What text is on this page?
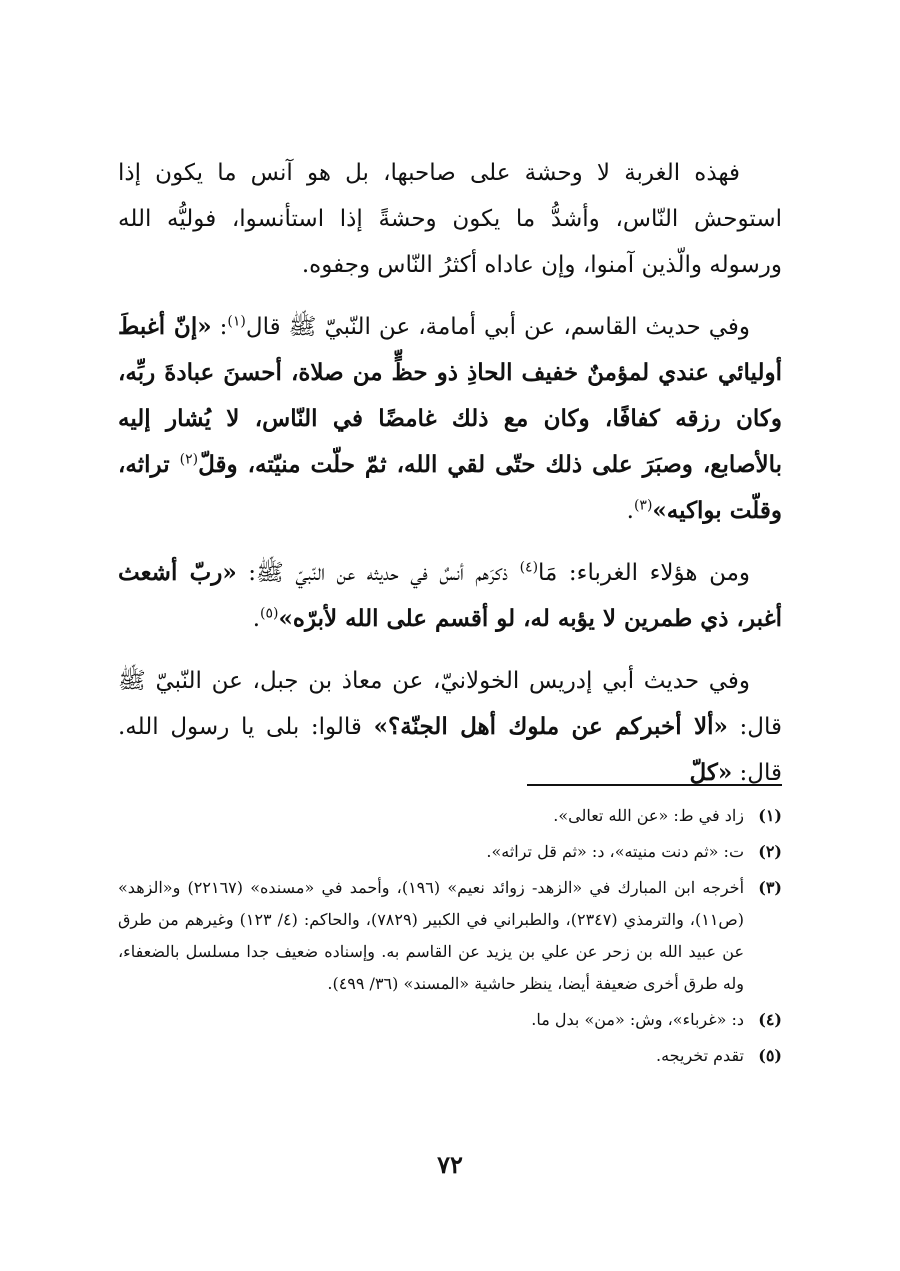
فهذه الغربة لا وحشة على صاحبها، بل هو آنس ما يكون إذا استوحش النّاس، وأشدُّ ما يكون وحشةً إذا استأنسوا، فوليُّه الله ورسوله والّذين آمنوا، وإن عاداه أكثرُ النّاس وجفوه.

وفي حديث القاسم، عن أبي أمامة، عن النّبيّ ﷺ قال$^{(١)}$: «إنّ أغبطَ أوليائي عندي لمؤمنٌ خفيف الحاذِ ذو حظٍّ من صلاة، أحسنَ عبادةَ ربِّه، وكان رزقه كفافًا، وكان مع ذلك غامضًا في النّاس، لا يُشار إليه بالأصابع، وصبَرَ على ذلك حتّى لقي الله، ثمّ حلّت منيّته، وقلّ$^{(٢)}$ تراثه، وقلّت بواكيه»$^{(٣)}$.

ومن هؤلاء الغرباء: مَا$^{(٤)}$ ذكرَهم أنسٌ في حديثه عن النّبيّ ﷺ: «ربّ أشعث أغبر، ذي طمرين لا يؤبه له، لو أقسم على الله لأبرّه»$^{(٥)}$.

وفي حديث أبي إدريس الخولانيّ، عن معاذ بن جبل، عن النّبيّ ﷺ قال: «ألا أخبركم عن ملوك أهل الجنّة؟» قالوا: بلى يا رسول الله. قال: «كلّ

(١)
زاد في ط: «عن الله تعالى».
(٢)
ت: «ثم دنت منيته»، د: «ثم قل تراثه».
(٣)
أخرجه ابن المبارك في «الزهد- زوائد نعيم» (١٩٦)، وأحمد في «مسنده» (٢٢١٦٧) و«الزهد» (ص١١)، والترمذي (٢٣٤٧)، والطبراني في الكبير (٧٨٢٩)، والحاكم: (٤/ ١٢٣) وغيرهم من طرق عن عبيد الله بن زحر عن علي بن يزيد عن القاسم به. وإسناده ضعيف جدا مسلسل بالضعفاء، وله طرق أخرى ضعيفة أيضا، ينظر حاشية «المسند» (٣٦/ ٤٩٩).
(٤)
د: «غرباء»، وش: «من» بدل ما.
(٥)
تقدم تخريجه.
٧٢
